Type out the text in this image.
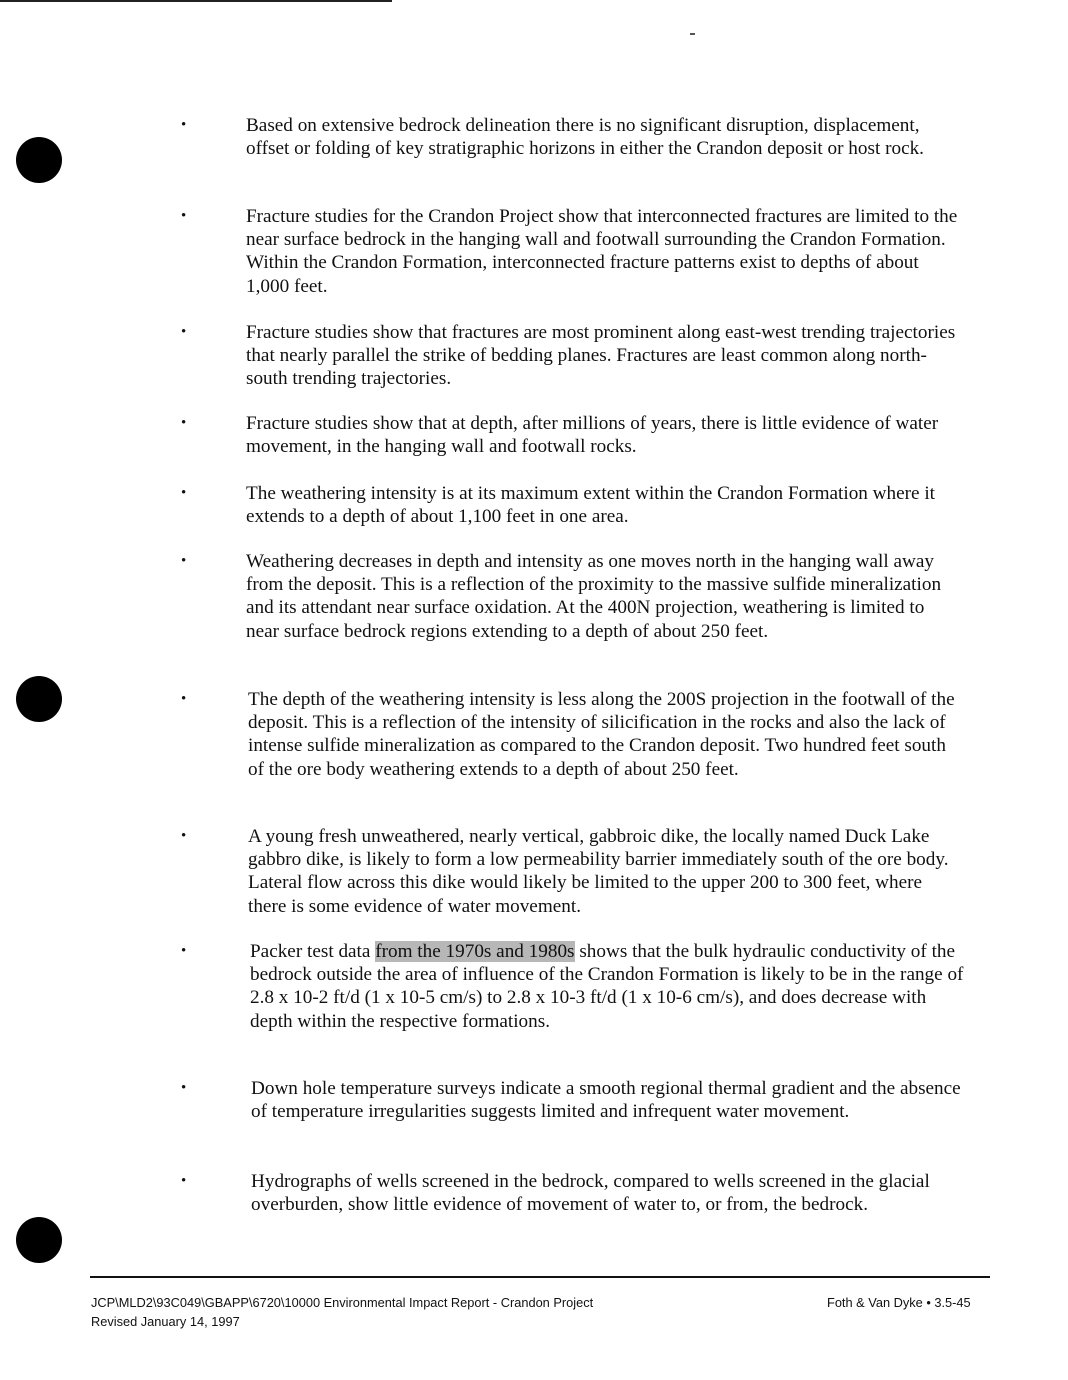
•	Based on extensive bedrock delineation there is no significant disruption, displacement, offset or folding of key stratigraphic horizons in either the Crandon deposit or host rock.

•	Fracture studies for the Crandon Project show that interconnected fractures are limited to the near surface bedrock in the hanging wall and footwall surrounding the Crandon Formation. Within the Crandon Formation, interconnected fracture patterns exist to depths of about 1,000 feet.

•	Fracture studies show that fractures are most prominent along east-west trending trajectories that nearly parallel the strike of bedding planes. Fractures are least common along north-south trending trajectories.

•	Fracture studies show that at depth, after millions of years, there is little evidence of water movement, in the hanging wall and footwall rocks.

•	The weathering intensity is at its maximum extent within the Crandon Formation where it extends to a depth of about 1,100 feet in one area.

•	Weathering decreases in depth and intensity as one moves north in the hanging wall away from the deposit. This is a reflection of the proximity to the massive sulfide mineralization and its attendant near surface oxidation. At the 400N projection, weathering is limited to near surface bedrock regions extending to a depth of about 250 feet.

•	The depth of the weathering intensity is less along the 200S projection in the footwall of the deposit. This is a reflection of the intensity of silicification in the rocks and also the lack of intense sulfide mineralization as compared to the Crandon deposit. Two hundred feet south of the ore body weathering extends to a depth of about 250 feet.

•	A young fresh unweathered, nearly vertical, gabbroic dike, the locally named Duck Lake gabbro dike, is likely to form a low permeability barrier immediately south of the ore body. Lateral flow across this dike would likely be limited to the upper 200 to 300 feet, where there is some evidence of water movement.

•	Packer test data from the 1970s and 1980s shows that the bulk hydraulic conductivity of the bedrock outside the area of influence of the Crandon Formation is likely to be in the range of 2.8 x 10-2 ft/d (1 x 10-5 cm/s) to 2.8 x 10-3 ft/d (1 x 10-6 cm/s), and does decrease with depth within the respective formations.

•	Down hole temperature surveys indicate a smooth regional thermal gradient and the absence of temperature irregularities suggests limited and infrequent water movement.

•	Hydrographs of wells screened in the bedrock, compared to wells screened in the glacial overburden, show little evidence of movement of water to, or from, the bedrock.

JCP\MLD2\93C049\GBAPP\6720\10000 Environmental Impact Report - Crandon Project
Revised January 14, 1997
Foth & Van Dyke • 3.5-45
